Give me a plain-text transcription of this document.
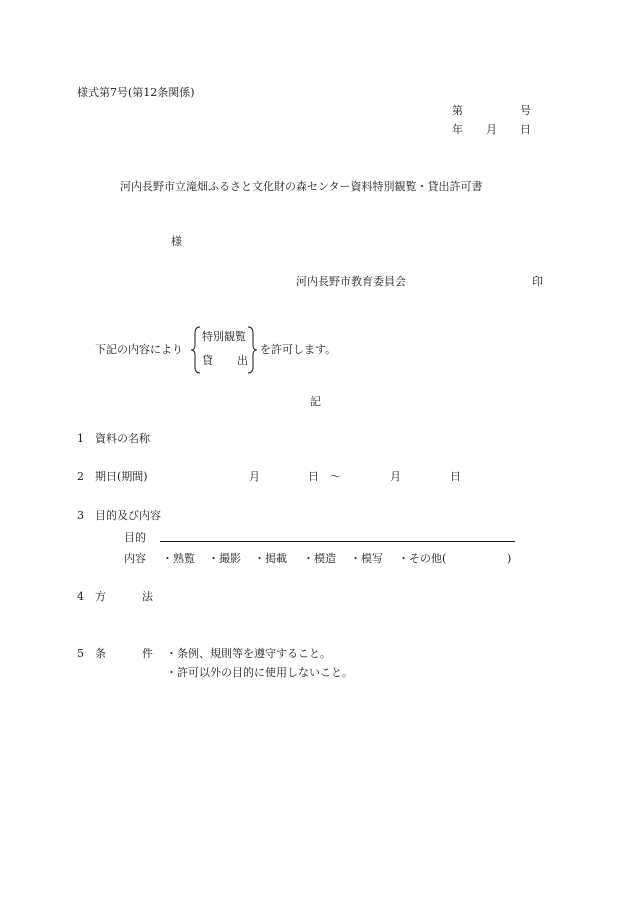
様式第7号(第12条関係)
第	号
年 月 日
河内長野市立滝畑ふるさと文化財の森センター資料特別観覧・貸出許可書
様
河内長野市教育委員会	印
下記の内容により
特別観覧
貸 出
を許可します。
記
1 資料の名称
2 期日(期間)	月	日 〜	月	日
3 目的及び内容
目的
内容 ・熟覧 ・撮影 ・掲載 ・模造 ・模写 ・その他(	)
4 方	法
5 条	件 ・条例、規則等を遵守すること。
・許可以外の目的に使用しないこと。
